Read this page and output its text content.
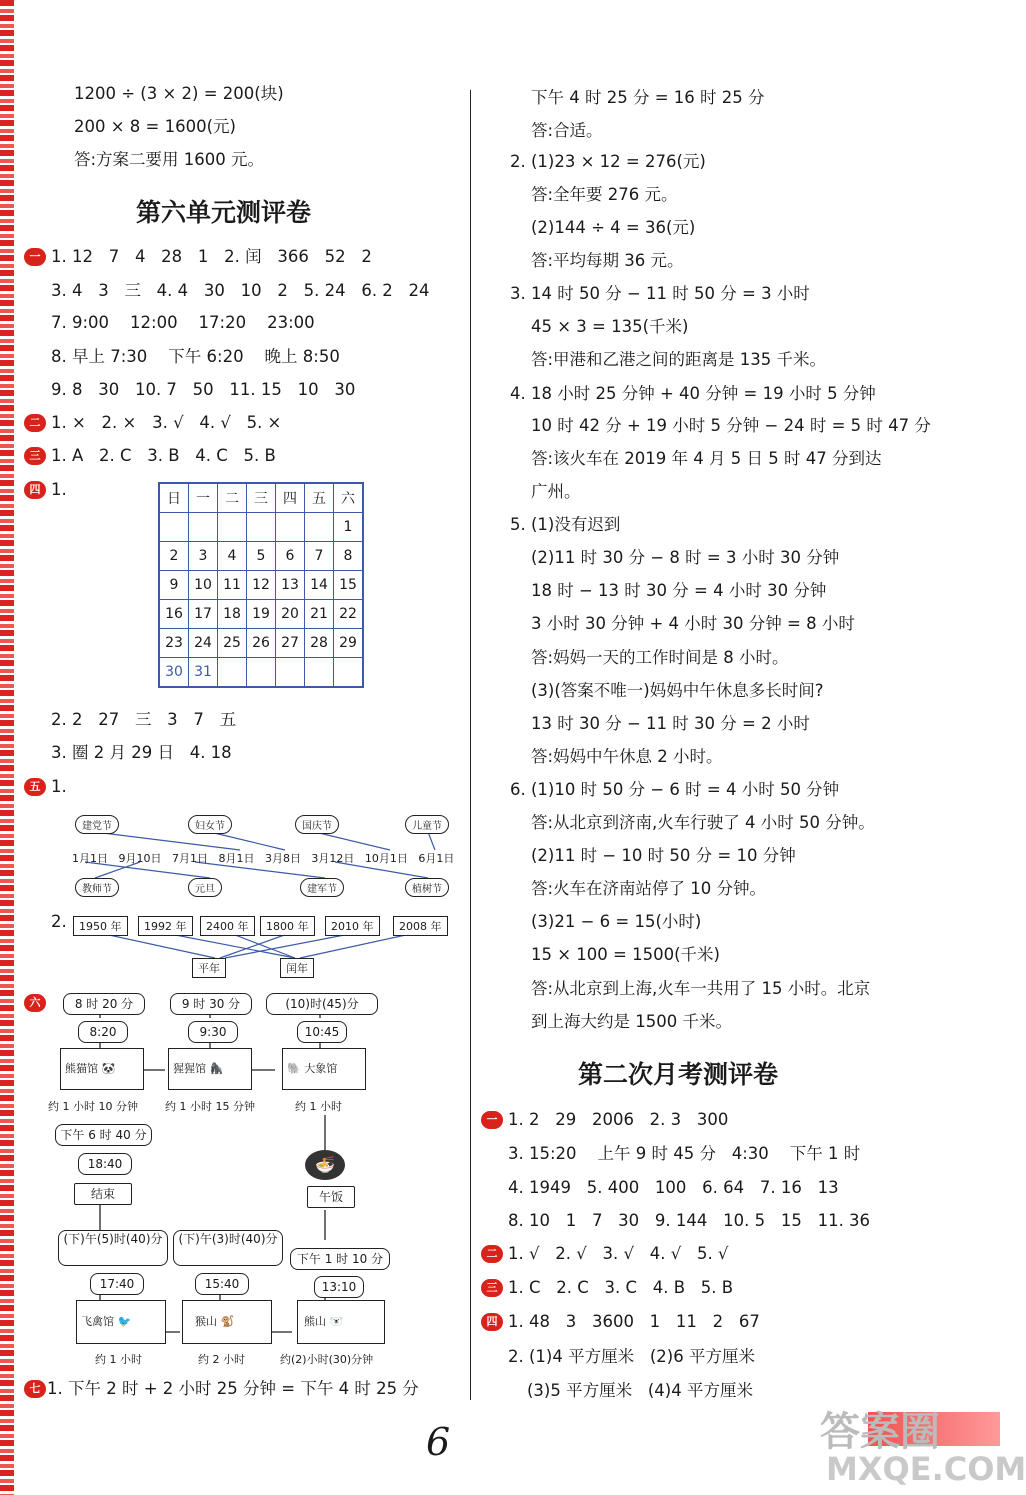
1200 ÷ (3 × 2) = 200(块)
200 × 8 = 1600(元)
答:方案二要用 1600 元。
第六单元测评卷
一 1. 12   7   4   28   1   2. 闰   366   52   2
3. 4   3   三   4. 4   30   10   2   5. 24   6. 2   24
7. 9:00    12:00    17:20    23:00
8. 早上 7:30    下午 6:20    晚上 8:50
9. 8   30   10. 7   50   11. 15   10   30
二 1. ×   2. ×   3. √   4. √   5. ×
三 1. A   2. C   3. B   4. C   5. B
四 1.	日	一	二	三	四	五	六
						1
2	3	4	5	6	7	8
9	10	11	12	13	14	15
16	17	18	19	20	21	22
23	24	25	26	27	28	29
30	31					
2. 2   27   三   3   7   五
3. 圈 2 月 29 日   4. 18
五 1.
建党节	妇女节	国庆节	儿童节
1月1日   9月10日   7月1日   8月1日   3月8日   3月12日   10月1日   6月1日
教师节	元旦	建军节	植树节
2.	1950 年	1992 年	2400 年	1800 年	2010 年	2008 年
平年	闰年
六	8 时 20 分	9 时 30 分	(10)时(45)分
8:20	9:30	10:45
熊猫馆 🐼	猩猩馆 🦍	🐘 大象馆
约 1 小时 10 分钟 约 1 小时 15 分钟	约 1 小时
下午 6 时 40 分
18:40
结束
🍜
午饭
下午 1 时 10 分
13:10
(下)午(5)时(40)分	(下)午(3)时(40)分
17:40	15:40
飞禽馆 🐦	猴山 🐒	熊山 🐻‍❄️
约 1 小时	约 2 小时	约(2)小时(30)分钟
七 1. 下午 2 时 + 2 小时 25 分钟 = 下午 4 时 25 分
下午 4 时 25 分 = 16 时 25 分
答:合适。
2. (1)23 × 12 = 276(元)
答:全年要 276 元。
(2)144 ÷ 4 = 36(元)
答:平均每期 36 元。
3. 14 时 50 分 − 11 时 50 分 = 3 小时
45 × 3 = 135(千米)
答:甲港和乙港之间的距离是 135 千米。
4. 18 小时 25 分钟 + 40 分钟 = 19 小时 5 分钟
10 时 42 分 + 19 小时 5 分钟 − 24 时 = 5 时 47 分
答:该火车在 2019 年 4 月 5 日 5 时 47 分到达
广州。
5. (1)没有迟到
(2)11 时 30 分 − 8 时 = 3 小时 30 分钟
18 时 − 13 时 30 分 = 4 小时 30 分钟
3 小时 30 分钟 + 4 小时 30 分钟 = 8 小时
答:妈妈一天的工作时间是 8 小时。
(3)(答案不唯一)妈妈中午休息多长时间?
13 时 30 分 − 11 时 30 分 = 2 小时
答:妈妈中午休息 2 小时。
6. (1)10 时 50 分 − 6 时 = 4 小时 50 分钟
答:从北京到济南,火车行驶了 4 小时 50 分钟。
(2)11 时 − 10 时 50 分 = 10 分钟
答:火车在济南站停了 10 分钟。
(3)21 − 6 = 15(小时)
15 × 100 = 1500(千米)
答:从北京到上海,火车一共用了 15 小时。北京
到上海大约是 1500 千米。
第二次月考测评卷
一 1. 2   29   2006   2. 3   300
3. 15:20    上午 9 时 45 分   4:30    下午 1 时
4. 1949   5. 400   100   6. 64   7. 16   13
8. 10   1   7   30   9. 144   10. 5   15   11. 36
二 1. √   2. √   3. √   4. √   5. √
三 1. C   2. C   3. C   4. B   5. B
四 1. 48   3   3600   1   11   2   67
2. (1)4 平方厘米   (2)6 平方厘米
(3)5 平方厘米   (4)4 平方厘米
6	答案圈
MXQE.COM
